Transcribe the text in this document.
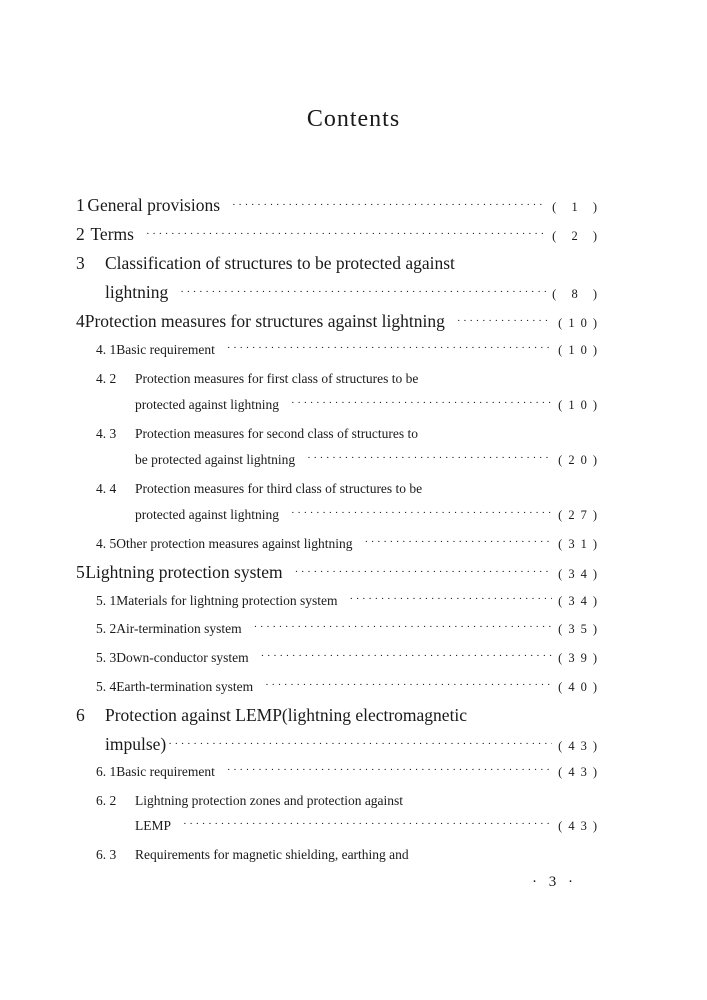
Contents
1 General provisions ·····	( 1 )
2 Terms ·····	( 2 )
3	Classification of structures to be protected against
lightning ·····	( 8 )
4 Protection measures for structures against lightning ·····	(10)
4. 1 Basic requirement ·····	(10)
4. 2	Protection measures for first class of structures to be
protected against lightning ·····	(10)
4. 3	Protection measures for second class of structures to
be protected against lightning ·····	(20)
4. 4	Protection measures for third class of structures to be
protected against lightning ·····	(27)
4. 5 Other protection measures against lightning ·····	(31)
5 Lightning protection system ·····	(34)
5. 1 Materials for lightning protection system ·····	(34)
5. 2 Air-termination system ·····	(35)
5. 3 Down-conductor system ·····	(39)
5. 4 Earth-termination system ·····	(40)
6	Protection against LEMP(lightning electromagnetic
impulse) ·····	(43)
6. 1 Basic requirement ·····	(43)
6. 2	Lightning protection zones and protection against
LEMP ·····	(43)
6. 3	Requirements for magnetic shielding, earthing and
· 3 ·
